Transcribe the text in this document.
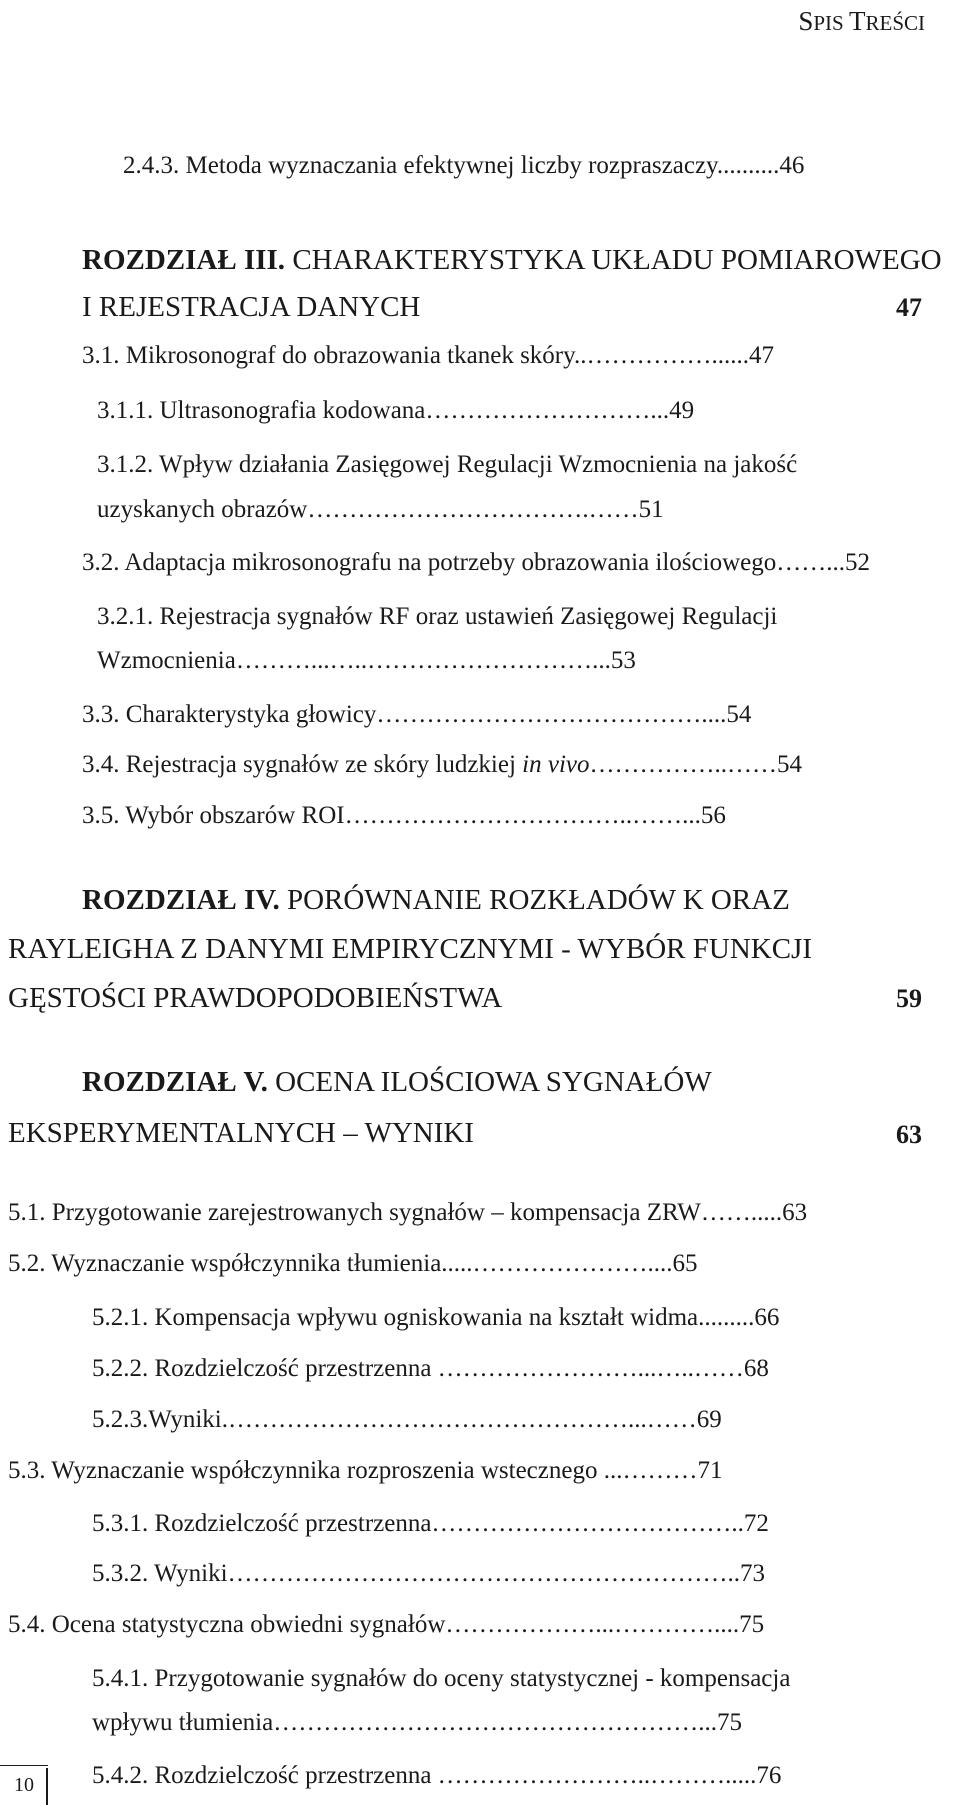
SPIS TREŚCI
2.4.3. Metoda wyznaczania efektywnej liczby rozpraszaczy..........46
ROZDZIAŁ III. CHARAKTERYSTYKA UKŁADU POMIAROWEGO
I REJESTRACJA DANYCH	47
3.1. Mikrosonograf do obrazowania tkanek skóry..……………......47
3.1.1. Ultrasonografia kodowana………………………...49
3.1.2. Wpływ działania Zasięgowej Regulacji Wzmocnienia na jakość
uzyskanych obrazów…………………………….……51
3.2. Adaptacja mikrosonografu na potrzeby obrazowania ilościowego……...52
3.2.1. Rejestracja sygnałów RF oraz ustawień Zasięgowej Regulacji
Wzmocnienia………...…..………………………...53
3.3. Charakterystyka głowicy…………………………………....54
3.4. Rejestracja sygnałów ze skóry ludzkiej in vivo……………..……54
3.5. Wybór obszarów ROI……………………………..……...56
ROZDZIAŁ IV. PORÓWNANIE ROZKŁADÓW K ORAZ
RAYLEIGHA Z DANYMI EMPIRYCZNYMI - WYBÓR FUNKCJI
GĘSTOŚCI PRAWDOPODOBIEŃSTWA	59
ROZDZIAŁ V. OCENA ILOŚCIOWA SYGNAŁÓW
EKSPERYMENTALNYCH – WYNIKI	63
5.1. Przygotowanie zarejestrowanych sygnałów – kompensacja ZRW…….....63
5.2. Wyznaczanie współczynnika tłumienia.....…………………....65
5.2.1. Kompensacja wpływu ogniskowania na kształt widma.........66
5.2.2. Rozdzielczość przestrzenna ……………………...…..……68
5.2.3.Wyniki.…………………………………………...……69
5.3. Wyznaczanie współczynnika rozproszenia wstecznego ...………71
5.3.1. Rozdzielczość przestrzenna………………………………..72
5.3.2. Wyniki……………………………………………………..73
5.4. Ocena statystyczna obwiedni sygnałów………………...…………....75
5.4.1. Przygotowanie sygnałów do oceny statystycznej - kompensacja
wpływu tłumienia……………………………………………...75
5.4.2. Rozdzielczość przestrzenna ……………………..……….....76
10
